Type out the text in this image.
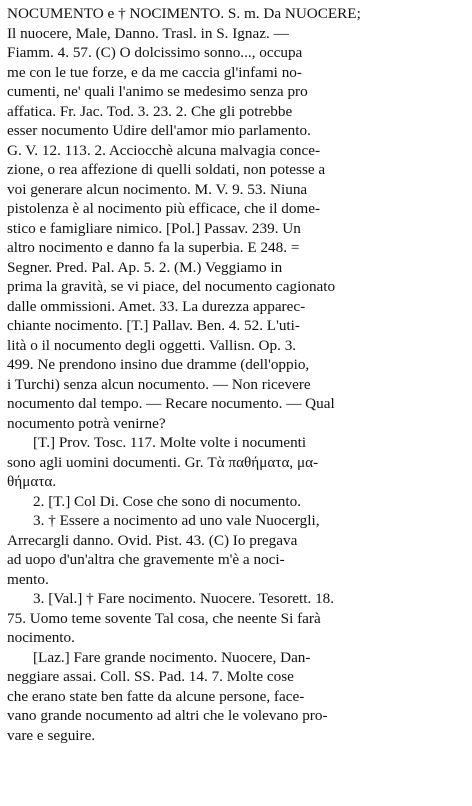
NOCUMENTO e † NOCIMENTO. S. m. Da NUOCERE;
Il nuocere, Male, Danno. Trasl. in S. Ignaz. —
Fiamm. 4. 57. (C) O dolcissimo sonno..., occupa
me con le tue forze, e da me caccia gl'infami no-
cumenti, ne' quali l'animo se medesimo senza pro
affatica. Fr. Jac. Tod. 3. 23. 2. Che gli potrebbe
esser nocumento Udire dell'amor mio parlamento.
G. V. 12. 113. 2. Acciocchè alcuna malvagia conce-
zione, o rea affezione di quelli soldati, non potesse a
voi generare alcun nocimento. M. V. 9. 53. Niuna
pistolenza è al nocimento più efficace, che il dome-
stico e famigliare nimico. [Pol.] Passav. 239. Un
altro nocimento e danno fa la superbia. E 248. =
Segner. Pred. Pal. Ap. 5. 2. (M.) Veggiamo in
prima la gravità, se vi piace, del nocumento cagionato
dalle ommissioni. Amet. 33. La durezza apparec-
chiante nocimento. [T.] Pallav. Ben. 4. 52. L'uti-
lità o il nocumento degli oggetti. Vallisn. Op. 3.
499. Ne prendono insino due dramme (dell'oppio,
i Turchi) senza alcun nocumento. — Non ricevere
nocumento dal tempo. — Recare nocumento. — Qual
nocumento potrà venirne?
[T.] Prov. Tosc. 117. Molte volte i nocumenti
sono agli uomini documenti. Gr. Τὰ παθήματα, μα-
θήματα.
2. [T.] Col Di. Cose che sono di nocumento.
3. † Essere a nocimento ad uno vale Nuocergli,
Arrecargli danno. Ovid. Pist. 43. (C) Io pregava
ad uopo d'un'altra che gravemente m'è a noci-
mento.
3. [Val.] † Fare nocimento. Nuocere. Tesorett. 18.
75. Uomo teme sovente Tal cosa, che neente Si farà
nocimento.
[Laz.] Fare grande nocimento. Nuocere, Dan-
neggiare assai. Coll. SS. Pad. 14. 7. Molte cose
che erano state ben fatte da alcune persone, face-
vano grande nocumento ad altri che le volevano pro-
vare e seguire.
